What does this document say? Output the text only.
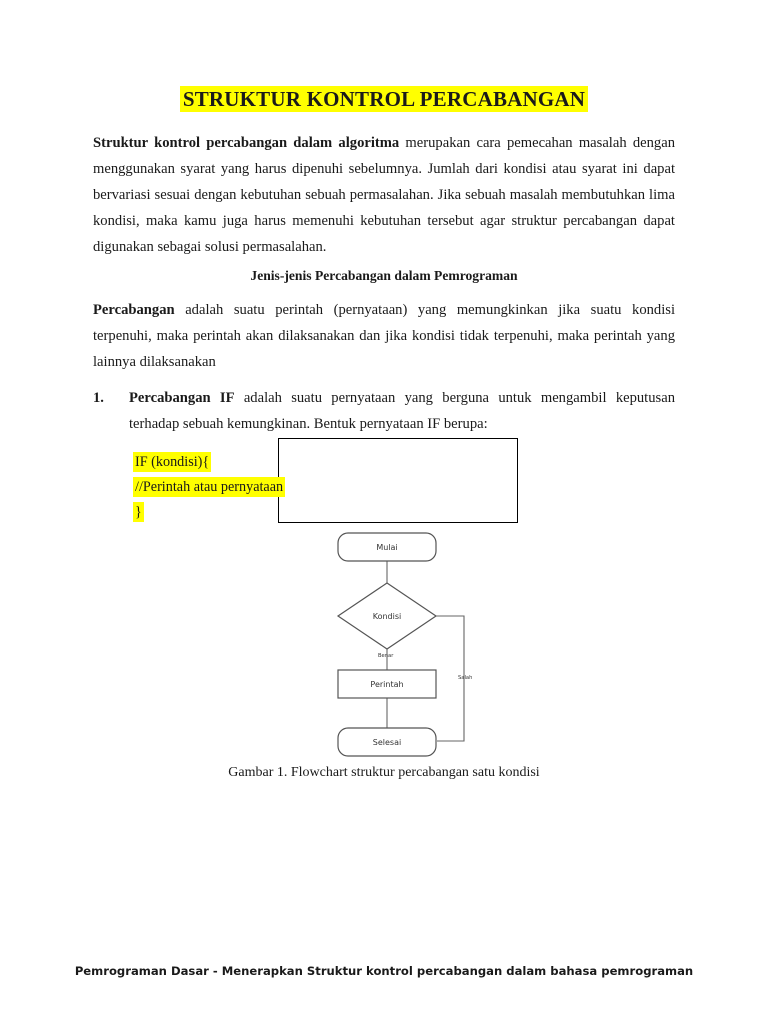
STRUKTUR KONTROL PERCABANGAN

Struktur kontrol percabangan dalam algoritma merupakan cara pemecahan masalah dengan menggunakan syarat yang harus dipenuhi sebelumnya. Jumlah dari kondisi atau syarat ini dapat bervariasi sesuai dengan kebutuhan sebuah permasalahan. Jika sebuah masalah membutuhkan lima kondisi, maka kamu juga harus memenuhi kebutuhan tersebut agar struktur percabangan dapat digunakan sebagai solusi permasalahan.

Jenis-jenis Percabangan dalam Pemrograman

Percabangan adalah suatu perintah (pernyataan) yang memungkinkan jika suatu kondisi terpenuhi, maka perintah akan dilaksanakan dan jika kondisi tidak terpenuhi, maka perintah yang lainnya dilaksanakan

1. Percabangan IF adalah suatu pernyataan yang berguna untuk mengambil keputusan terhadap sebuah kemungkinan. Bentuk pernyataan IF berupa:

IF (kondisi){
//Perintah atau pernyataan
}
Mulai
Kondisi
Perintah
Selesai
Benar
Salah
Gambar 1. Flowchart struktur percabangan satu kondisi
Pemrograman Dasar - Menerapkan Struktur kontrol percabangan dalam bahasa pemrograman
